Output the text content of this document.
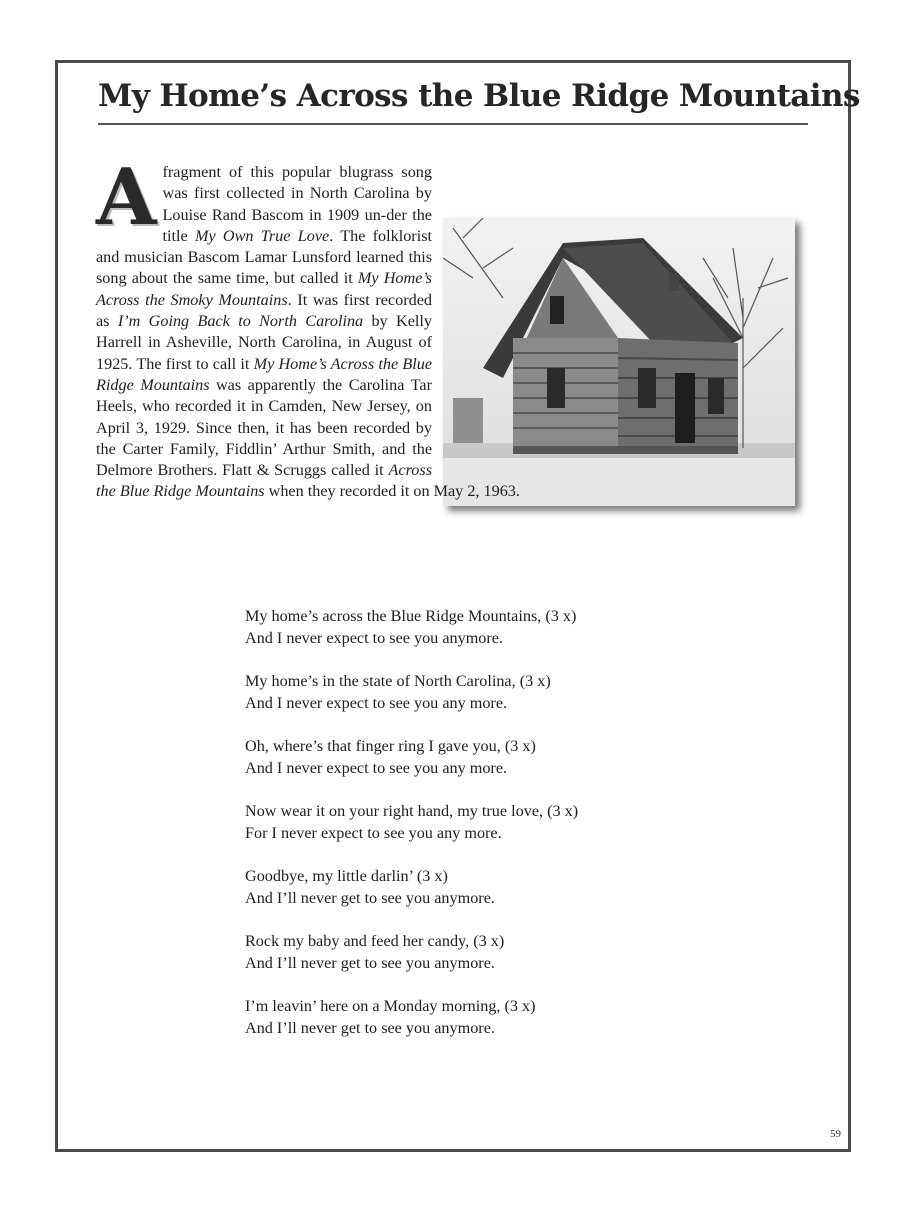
My Home’s Across the Blue Ridge Mountains

Afragment of this popular blugrass song was first collected in North Carolina by Louise Rand Bascom in 1909 un-der the title My Own True Love. The folklorist and musician Bascom Lamar Lunsford learned this song about the same time, but called it My Home’s Across the Smoky Mountains. It was first recorded as I’m Going Back to North Carolina by Kelly Harrell in Asheville, North Carolina, in August of 1925. The first to call it My Home’s Across the Blue Ridge Mountains was apparently the Carolina Tar Heels, who recorded it in Camden, New Jersey, on April 3, 1929. Since then, it has been recorded by the Carter Family, Fiddlin’ Arthur Smith, and the Delmore Brothers. Flatt & Scruggs called it Across the Blue Ridge Mountains when they recorded it on May 2, 1963.

My home’s across the Blue Ridge Mountains, (3 x)
And I never expect to see you anymore.
My home’s in the state of North Carolina, (3 x)
And I never expect to see you any more.
Oh, where’s that finger ring I gave you, (3 x)
And I never expect to see you any more.
Now wear it on your right hand, my true love, (3 x)
For I never expect to see you any more.
Goodbye, my little darlin’ (3 x)
And I’ll never get to see you anymore.
Rock my baby and feed her candy, (3 x)
And I’ll never get to see you anymore.
I’m leavin’ here on a Monday morning, (3 x)
And I’ll never get to see you anymore.
59
